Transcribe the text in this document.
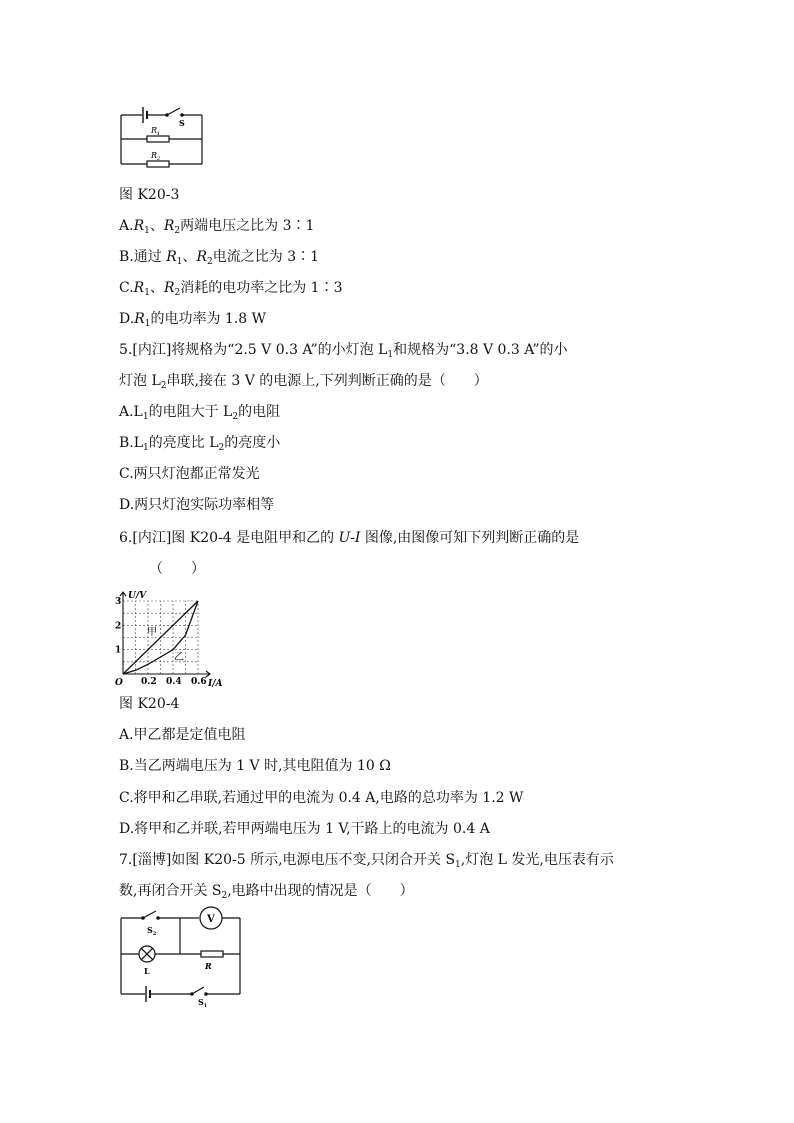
S
$R_1$
$R_2$
图 K20-3
$A.R_1$、$R_2$两端电压之比为 3∶1
B.通过 $R_1$、$R_2$电流之比为 3∶1
$C.R_1$、$R_2$消耗的电功率之比为 1∶3
$D.R_1$的电功率为 1.8 W
5.[内江]将规格为“2.5 V 0.3 A”的小灯泡 $L_1$和规格为“3.8 V 0.3 A”的小
灯泡 $L_2$串联,接在 3 V 的电源上,下列判断正确的是（　　）
$A.L_1$的电阻大于 $L_2$的电阻
$B.L_1$的亮度比 $L_2$的亮度小
C.两只灯泡都正常发光
D.两只灯泡实际功率相等
6.[内江]图 K20-4 是电阻甲和乙的 U-I 图像,由图像可知下列判断正确的是
（　　）
0.2 0.4 0.6
1
2
3
U/V
I/A
O
甲
乙
图 K20-4
A.甲乙都是定值电阻
B.当乙两端电压为 1 V 时,其电阻值为 10 Ω
C.将甲和乙串联,若通过甲的电流为 0.4 A,电路的总功率为 1.2 W
D.将甲和乙并联,若甲两端电压为 1 V,干路上的电流为 0.4 A
7.[淄博]如图 K20-5 所示,电源电压不变,只闭合开关 $S_1$,灯泡 L 发光,电压表有示
数,再闭合开关 $S_2$,电路中出现的情况是（　　）
V
$S_2$
L	R
$S_1$
